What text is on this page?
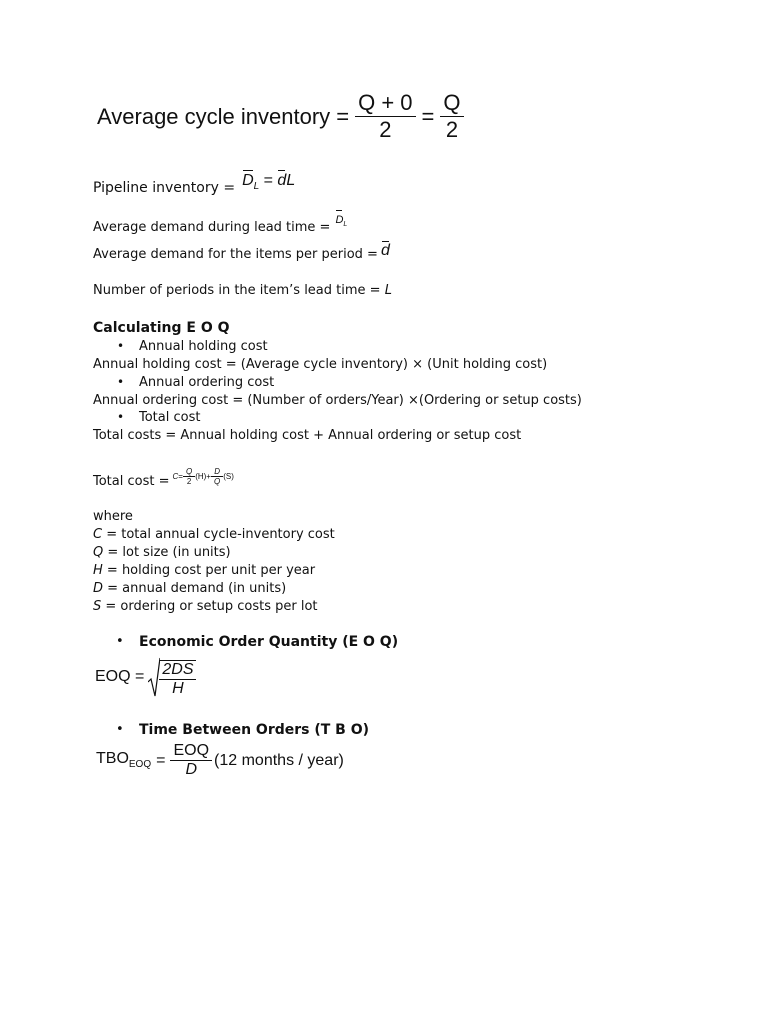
Average cycle inventory = $\frac{Q + 0}{2} = \frac{Q}{2}$
Pipeline inventory = $D_L$ = dL
Average demand during lead time = $D_L$
Average demand for the items per period = d
Number of periods in the item’s lead time = L
Calculating E O Q
• Annual holding cost
Annual holding cost = (Average cycle inventory) × (Unit holding cost)
• Annual ordering cost
Annual ordering cost = (Number of orders/Year) ×(Ordering or setup costs)
• Total cost
Total costs = Annual holding cost + Annual ordering or setup cost
Total $\cos t = C = \frac{Q}{2} (H) + \frac{D}{Q} (S)$
where
C = total annual cycle-inventory cost
Q = lot size (in units)
H = holding cost per unit per year
D = annual demand (in units)
S = ordering or setup costs per lot
• Economic Order Quantity (E O Q)
EOQ = $\frac{2DS}{H}$
• Time Between Orders (T B O)
$TBO_{EOQ} = \frac{\text{EOQ}}{D} (12$ months / year)
